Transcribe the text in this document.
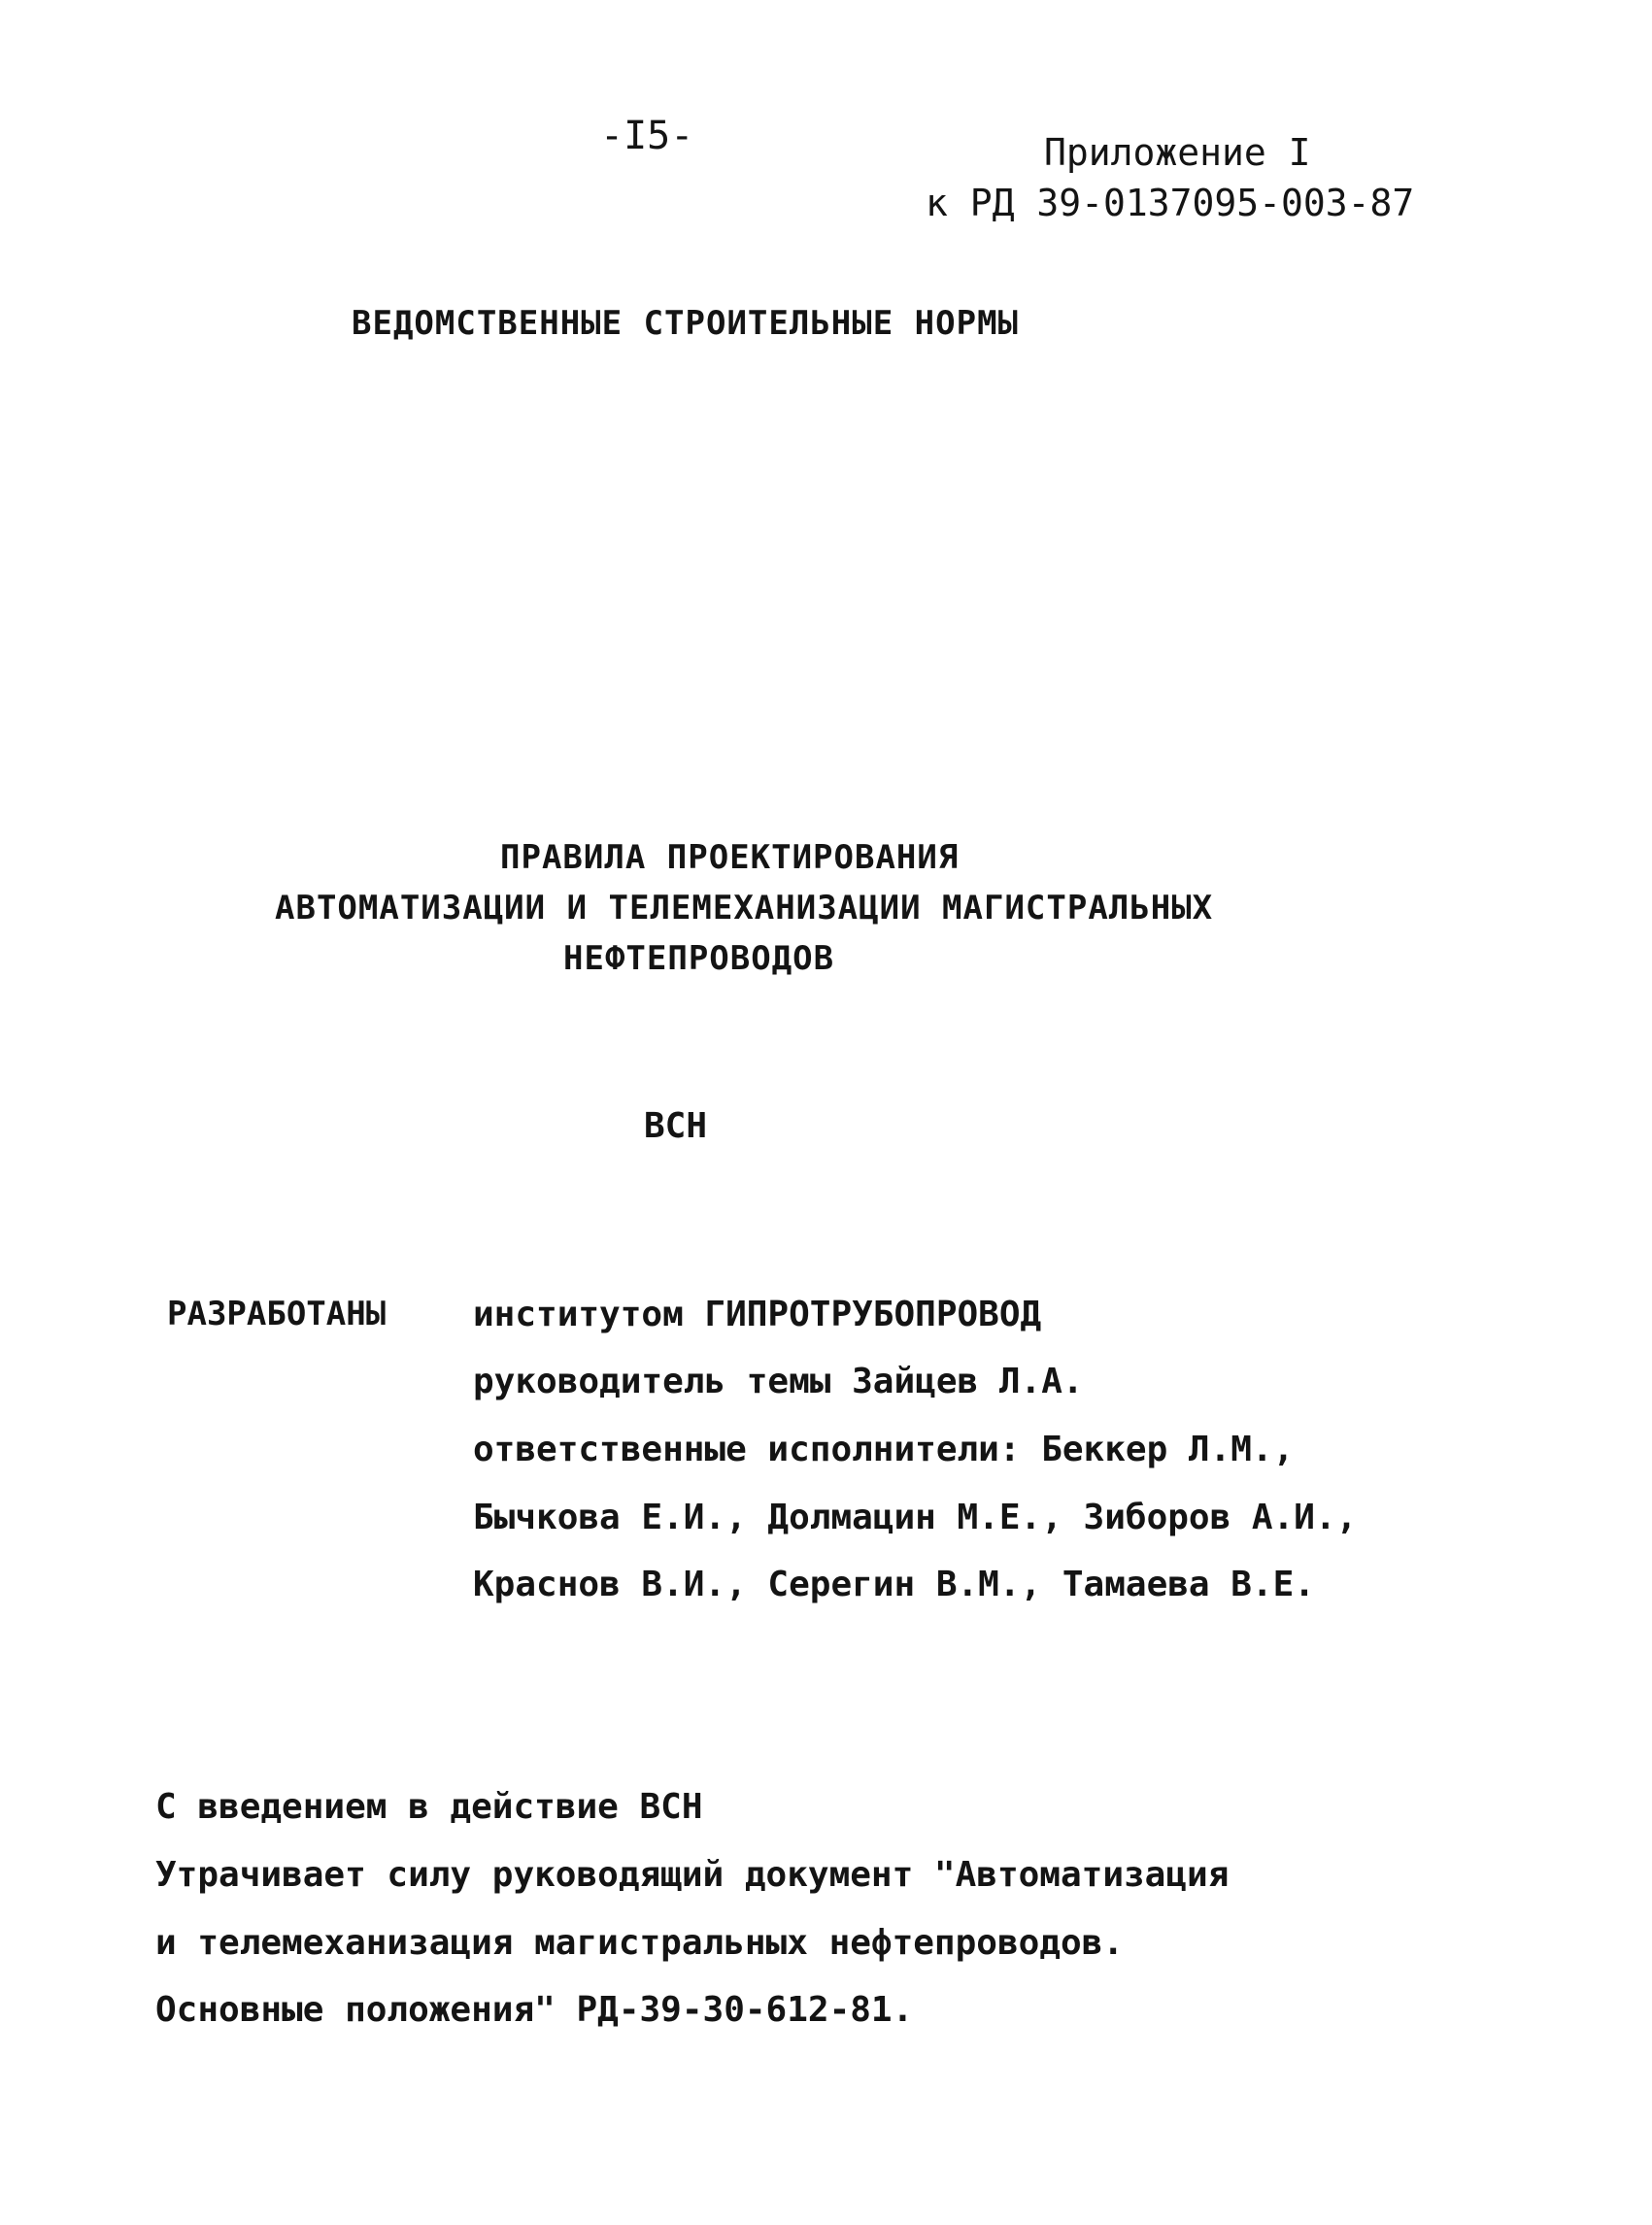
-I5-	Приложение I
к РД 39-0137095-003-87
ВЕДОМСТВЕННЫЕ СТРОИТЕЛЬНЫЕ НОРМЫ
ПРАВИЛА ПРОЕКТИРОВАНИЯ
АВТОМАТИЗАЦИИ И ТЕЛЕМЕХАНИЗАЦИИ МАГИСТРАЛЬНЫХ
НЕФТЕПРОВОДОВ
ВСН
РАЗРАБОТАНЫ институтом ГИПРОТРУБОПРОВОД
руководитель темы Зайцев Л.А.
ответственные исполнители: Беккер Л.М.,
Бычкова Е.И., Долмацин М.Е., Зиборов А.И.,
Краснов В.И., Серегин В.М., Тамаева В.Е.
С введением в действие ВСН
Утрачивает силу руководящий документ "Автоматизация
и телемеханизация магистральных нефтепроводов.
Основные положения" РД-39-30-612-81.
